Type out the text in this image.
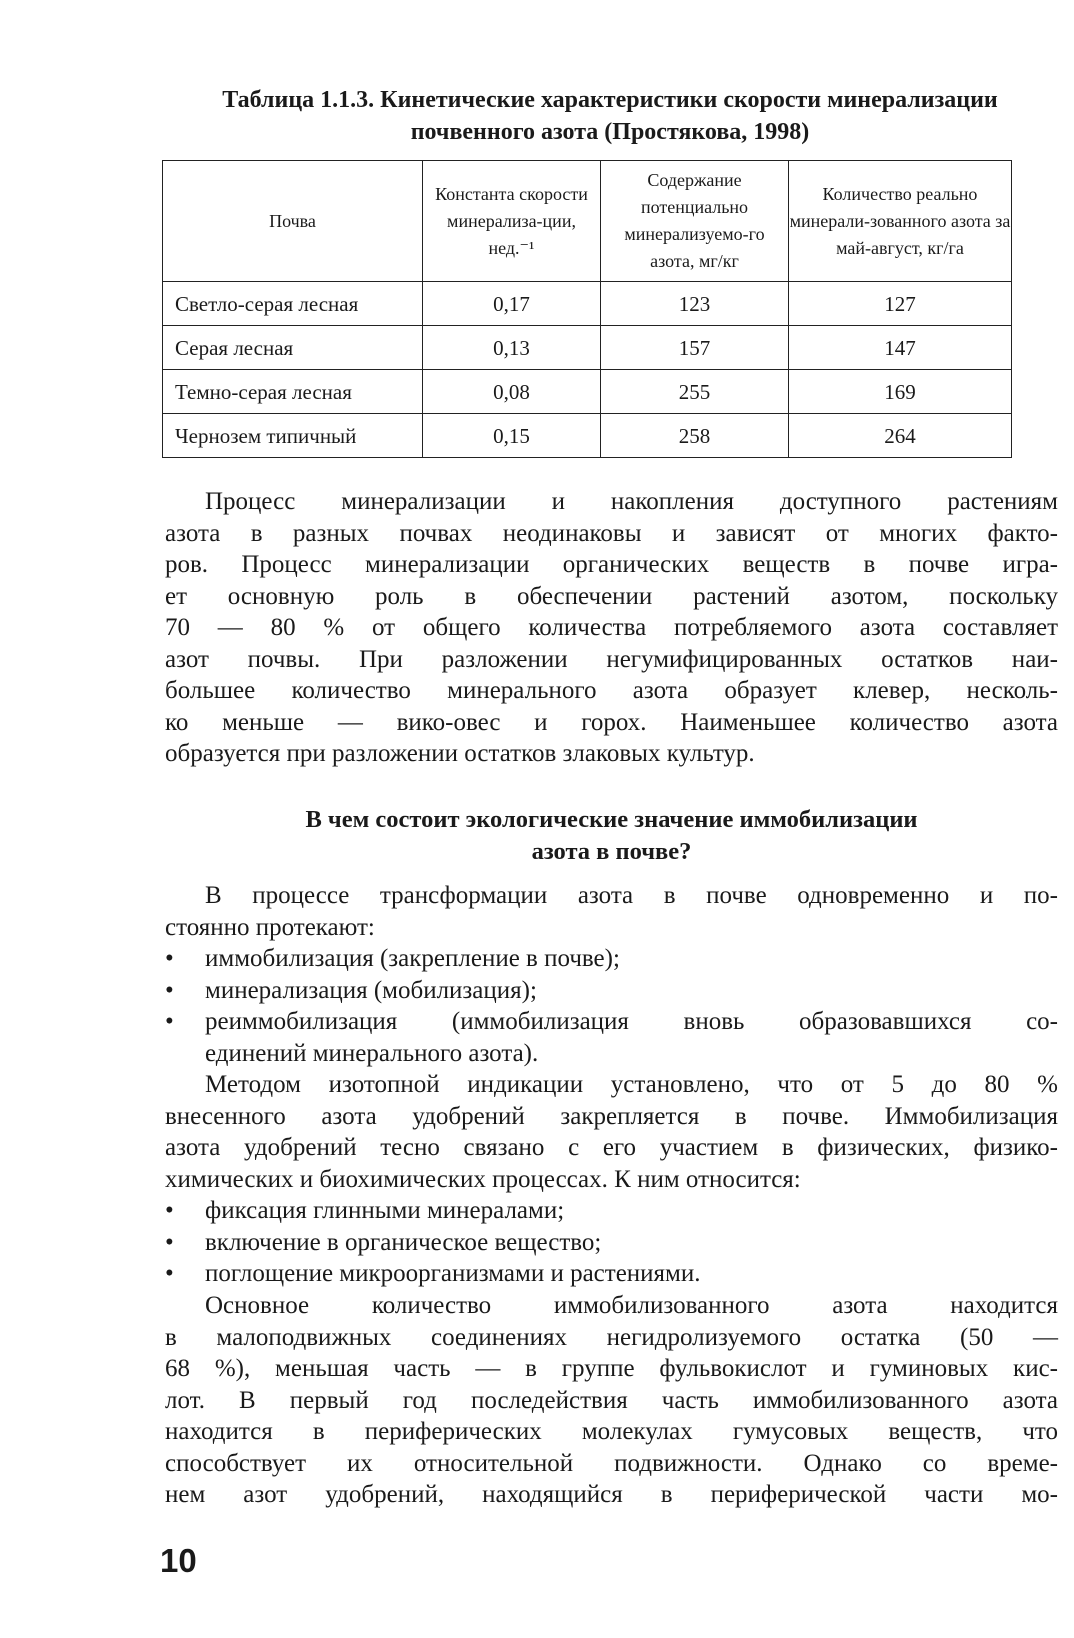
Таблица 1.1.3. Кинетические характеристики скорости минерализации
почвенного азота (Простякова, 1998)
Почва	Константа скорости минерализа-ции, нед.⁻¹	Содержание потенциально минерализуемо-го азота, мг/кг	Количество реально минерали-зованного азота за май-август, кг/га
Светло-серая лесная	0,17	123	127
Серая лесная	0,13	157	147
Темно-серая лесная	0,08	255	169
Чернозем типичный	0,15	258	264
Процесс минерализации и накопления доступного растениям
азота в разных почвах неодинаковы и зависят от многих факто-
ров. Процесс минерализации органических веществ в почве игра-
ет основную роль в обеспечении растений азотом, поскольку
70 — 80 % от общего количества потребляемого азота составляет
азот почвы. При разложении негумифицированных остатков наи-
большее количество минерального азота образует клевер, несколь-
ко меньше — вико-овес и горох. Наименьшее количество азота
образуется при разложении остатков злаковых культур.
В чем состоит экологические значение иммобилизации
азота в почве?
В процессе трансформации азота в почве одновременно и по-
стоянно протекают:
• иммобилизация (закрепление в почве);
• минерализация (мобилизация);
• реиммобилизация (иммобилизация вновь образовавшихся со-
единений минерального азота).
Методом изотопной индикации установлено, что от 5 до 80 %
внесенного азота удобрений закрепляется в почве. Иммобилизация
азота удобрений тесно связано с его участием в физических, физико-
химических и биохимических процессах. К ним относится:
• фиксация глинными минералами;
• включение в органическое вещество;
• поглощение микроорганизмами и растениями.
Основное количество иммобилизованного азота находится
в малоподвижных соединениях негидролизуемого остатка (50 —
68 %), меньшая часть — в группе фульвокислот и гуминовых кис-
лот. В первый год последействия часть иммобилизованного азота
находится в периферических молекулах гумусовых веществ, что
способствует их относительной подвижности. Однако со време-
нем азот удобрений, находящийся в периферической части мо-
10
